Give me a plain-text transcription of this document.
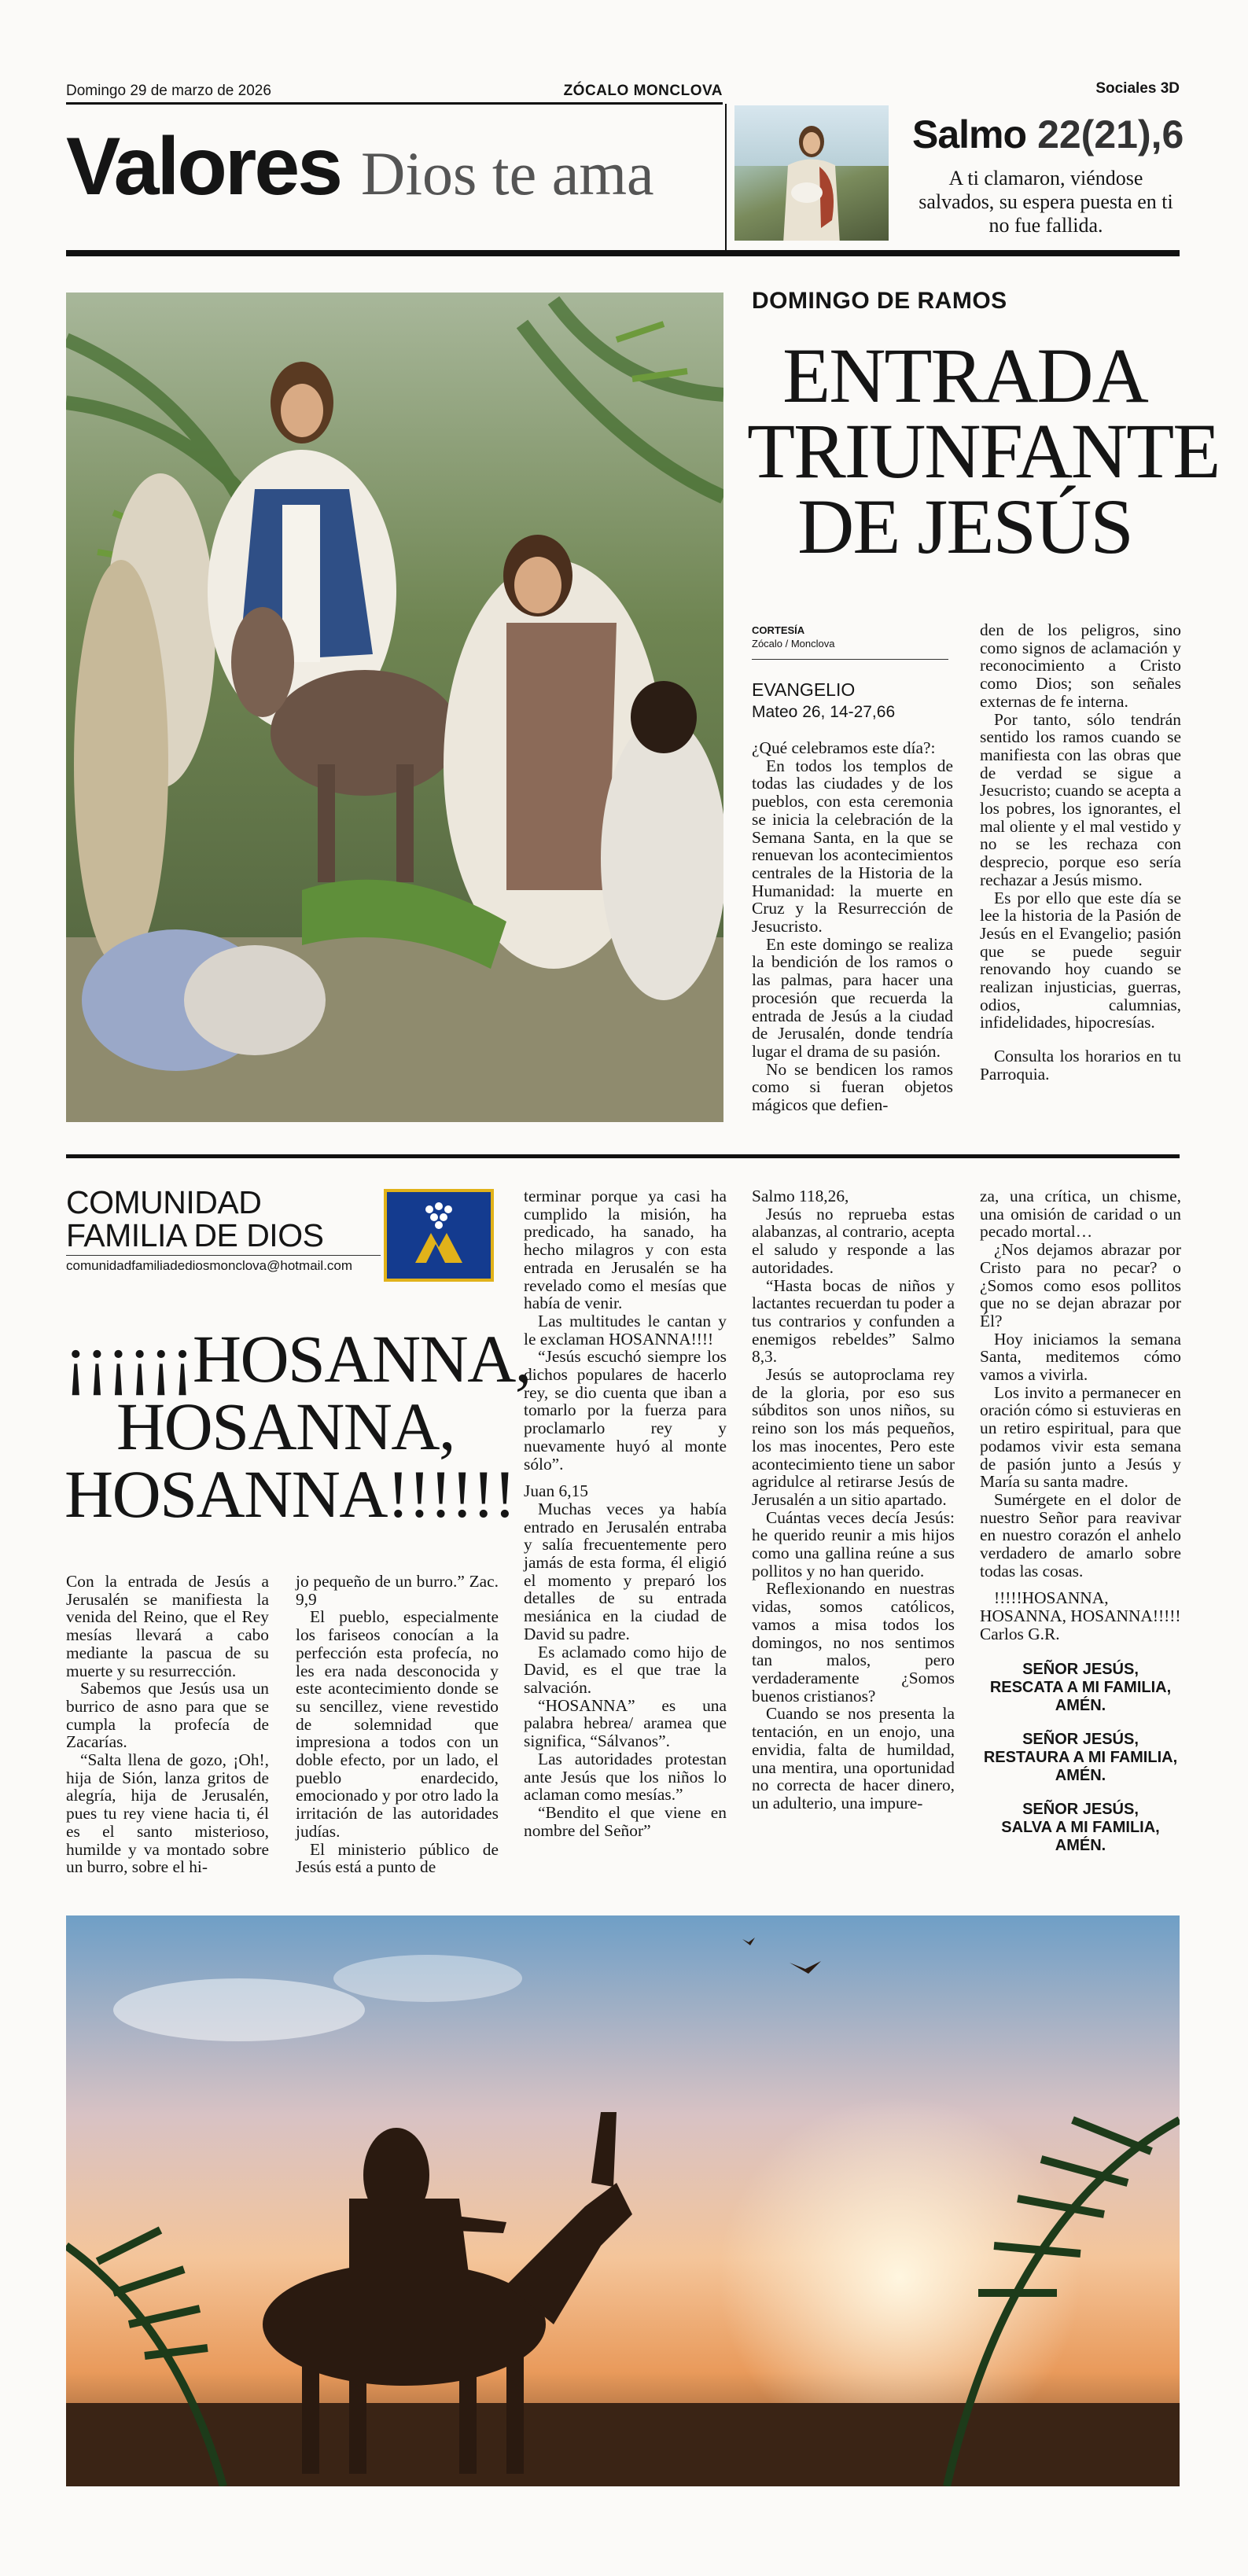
Domingo 29 de marzo de 2026	ZÓCALO MONCLOVA	Sociales 3D
Valores Dios te ama
Salmo 22(21),6
A ti clamaron, viéndose salvados, su espera puesta en ti no fue fallida.
DOMINGO DE RAMOS
ENTRADA
TRIUNFANTE
DE JESÚS
CORTESÍA
Zócalo / Monclova
EVANGELIO
Mateo 26, 14-27,66

¿Qué celebramos este día?:

En todos los templos de todas las ciudades y de los pueblos, con esta ceremonia se inicia la celebración de la Semana Santa, en la que se renuevan los acontecimientos centrales de la Historia de la Humanidad: la muerte en Cruz y la Resurrección de Jesucristo.

En este domingo se realiza la bendición de los ramos o las palmas, para hacer una procesión que recuerda la entrada de Jesús a la ciudad de Jerusalén, donde tendría lugar el drama de su pasión.

No se bendicen los ramos como si fueran objetos mágicos que defien-

den de los peligros, sino como signos de aclamación y reconocimiento a Cristo como Dios; son señales externas de fe interna.

Por tanto, sólo tendrán sentido los ramos cuando se manifiesta con las obras que de verdad se sigue a Jesucristo; cuando se acepta a los pobres, los ignorantes, el mal oliente y el mal vestido y no se les rechaza con desprecio, porque eso sería rechazar a Jesús mismo.

Es por ello que este día se lee la historia de la Pasión de Jesús en el Evangelio; pasión que se puede seguir renovando hoy cuando se realizan injusticias, guerras, odios, calumnias, infidelidades, hipocresías.

Consulta los horarios en tu Parroquia.

COMUNIDAD
FAMILIA DE DIOS
comunidadfamiliadediosmonclova@hotmail.com
¡¡¡¡¡¡HOSANNA,
HOSANNA,
HOSANNA!!!!!!

Con la entrada de Jesús a Jerusalén se manifiesta la venida del Reino, que el Rey mesías llevará a cabo mediante la pascua de su muerte y su resurrección.

Sabemos que Jesús usa un burrico de asno para que se cumpla la profecía de Zacarías.

“Salta llena de gozo, ¡Oh!, hija de Sión, lanza gritos de alegría, hija de Jerusalén, pues tu rey viene hacia ti, él es el santo misterioso, humilde y va montado sobre un burro, sobre el hi-

jo pequeño de un burro.” Zac. 9,9

El pueblo, especialmente los fariseos conocían a la perfección esta profecía, no les era nada desconocida y este acontecimiento donde se su sencillez, viene revestido de solemnidad que impresiona a todos con un doble efecto, por un lado, el pueblo enardecido, emocionado y por otro lado la irritación de las autoridades judías.

El ministerio público de Jesús está a punto de

terminar porque ya casi ha cumplido la misión, ha predicado, ha sanado, ha hecho milagros y con esta entrada en Jerusalén se ha revelado como el mesías que había de venir.

Las multitudes le cantan y le exclaman HOSANNA!!!!

“Jesús escuchó siempre los dichos populares de hacerlo rey, se dio cuenta que iban a tomarlo por la fuerza para proclamarlo rey y nuevamente huyó al monte sólo”.

Juan 6,15

Muchas veces ya había entrado en Jerusalén entraba y salía frecuentemente pero jamás de esta forma, él eligió el momento y preparó los detalles de su entrada mesiánica en la ciudad de David su padre.

Es aclamado como hijo de David, es el que trae la salvación.

“HOSANNA” es una palabra hebrea/ aramea que significa, “Sálvanos”.

Las autoridades protestan ante Jesús que los niños lo aclaman como mesías.”

“Bendito el que viene en nombre del Señor”

Salmo 118,26,

Jesús no reprueba estas alabanzas, al contrario, acepta el saludo y responde a las autoridades.

“Hasta bocas de niños y lactantes recuerdan tu poder a tus contrarios y confunden a enemigos rebeldes” Salmo 8,3.

Jesús se autoproclama rey de la gloria, por eso sus súbditos son unos niños, su reino son los más pequeños, los mas inocentes, Pero este acontecimiento tiene un sabor agridulce al retirarse Jesús de Jerusalén a un sitio apartado.

Cuántas veces decía Jesús: he querido reunir a mis hijos como una gallina reúne a sus pollitos y no han querido.

Reflexionando en nuestras vidas, somos católicos, vamos a misa todos los domingos, no nos sentimos tan malos, pero verdaderamente ¿Somos buenos cristianos?

Cuando se nos presenta la tentación, en un enojo, una envidia, falta de humildad, una mentira, una oportunidad no correcta de hacer dinero, un adulterio, una impure-

za, una crítica, un chisme, una omisión de caridad o un pecado mortal…

¿Nos dejamos abrazar por Cristo para no pecar? o ¿Somos como esos pollitos que no se dejan abrazar por Él?

Hoy iniciamos la semana Santa, meditemos cómo vamos a vivirla.

Los invito a permanecer en oración cómo si estuvieras en un retiro espiritual, para que podamos vivir esta semana de pasión junto a Jesús y María su santa madre.

Sumérgete en el dolor de nuestro Señor para reavivar en nuestro corazón el anhelo verdadero de amarlo sobre todas las cosas.

!!!!!HOSANNA, HOSANNA, HOSANNA!!!!!

Carlos G.R.

SEÑOR JESÚS,
RESCATA A MI FAMILIA,
AMÉN.
SEÑOR JESÚS,
RESTAURA A MI FAMILIA,
AMÉN.
SEÑOR JESÚS,
SALVA A MI FAMILIA,
AMÉN.
